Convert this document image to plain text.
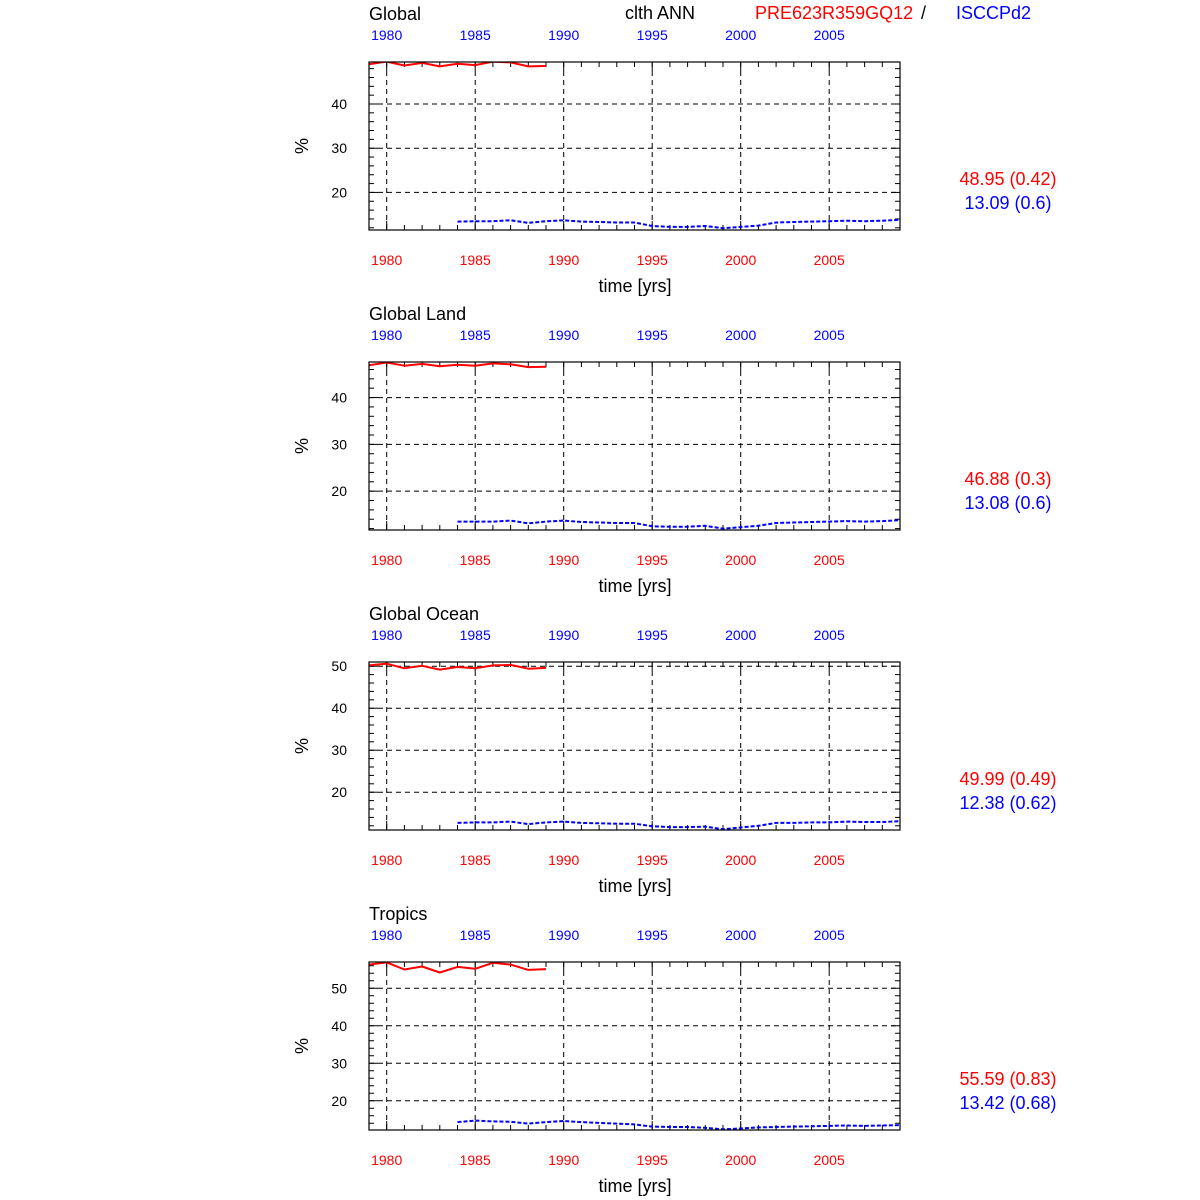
clth ANN	PRE623R359GQ12 / ISCCPd2
Global
1980	1985	1990	1995	2000	2005
20
30
40
%
1980	1985	1990	1995	2000	2005
time [yrs]
48.95 (0.42)
13.09 (0.6)
Global Land
1980	1985	1990	1995	2000	2005
20
30
40
%
1980	1985	1990	1995	2000	2005
time [yrs]
46.88 (0.3)
13.08 (0.6)
Global Ocean
1980	1985	1990	1995	2000	2005
20
30
40
50
%
1980	1985	1990	1995	2000	2005
time [yrs]
49.99 (0.49)
12.38 (0.62)
Tropics
1980	1985	1990	1995	2000	2005
20
30
40
50
%
1980	1985	1990	1995	2000	2005
time [yrs]
55.59 (0.83)
13.42 (0.68)
